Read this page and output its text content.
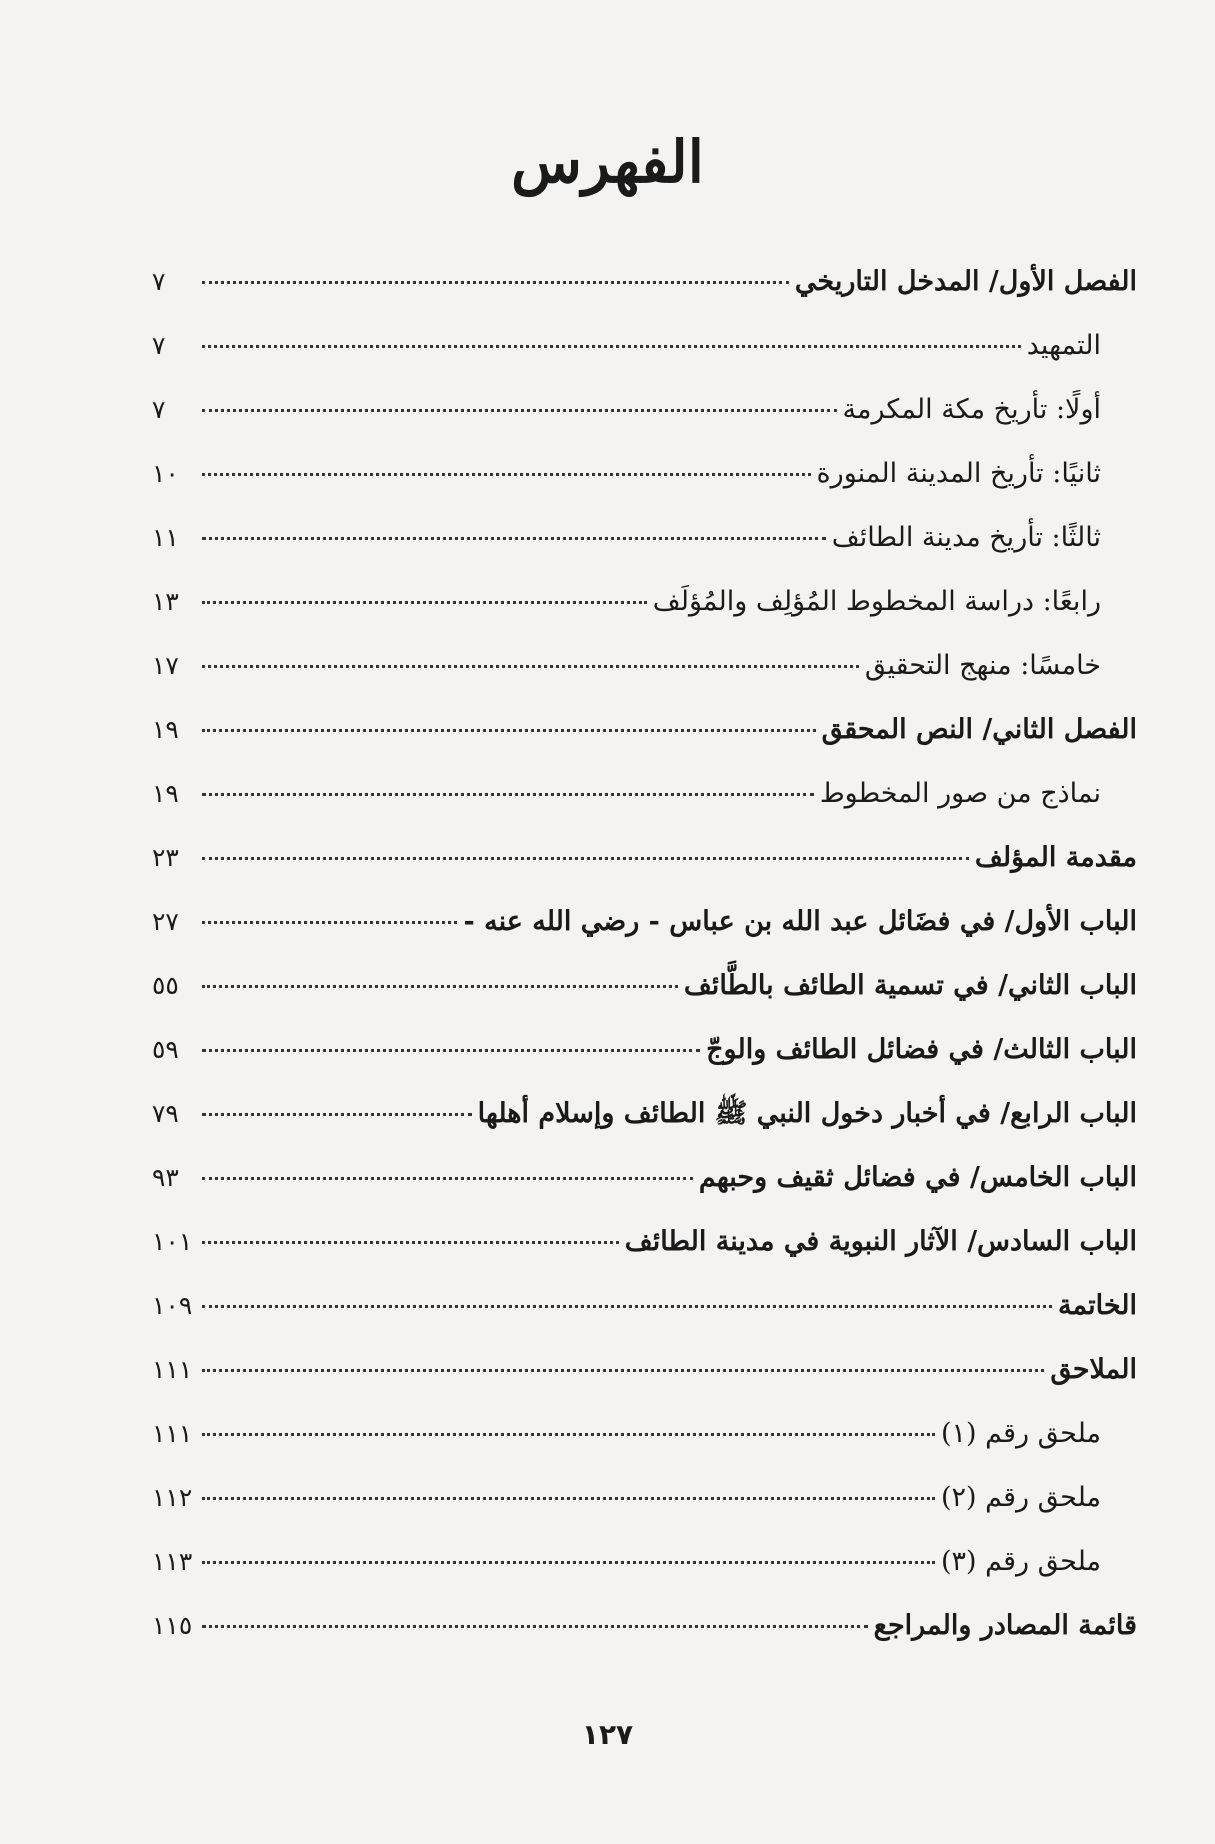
الفهرس
الفصل الأول/ المدخل التاريخي
٧
التمهيد
٧
أولًا: تأريخ مكة المكرمة
٧
ثانيًا: تأريخ المدينة المنورة
١٠
ثالثًا: تأريخ مدينة الطائف
١١
رابعًا: دراسة المخطوط المُؤلِف والمُؤلَف
١٣
خامسًا: منهج التحقيق
١٧
الفصل الثاني/ النص المحقق
١٩
نماذج من صور المخطوط
١٩
مقدمة المؤلف
٢٣
الباب الأول/ في فضَائل عبد الله بن عباس - رضي الله عنه -
٢٧
الباب الثاني/ في تسمية الطائف بالطَّائف
٥٥
الباب الثالث/ في فضائل الطائف والوجّ
٥٩
الباب الرابع/ في أخبار دخول النبي ﷺ الطائف وإسلام أهلها
٧٩
الباب الخامس/ في فضائل ثقيف وحبهم
٩٣
الباب السادس/ الآثار النبوية في مدينة الطائف
١٠١
الخاتمة
١٠٩
الملاحق
١١١
ملحق رقم (١)
١١١
ملحق رقم (٢)
١١٢
ملحق رقم (٣)
١١٣
قائمة المصادر والمراجع
١١٥
١٢٧
